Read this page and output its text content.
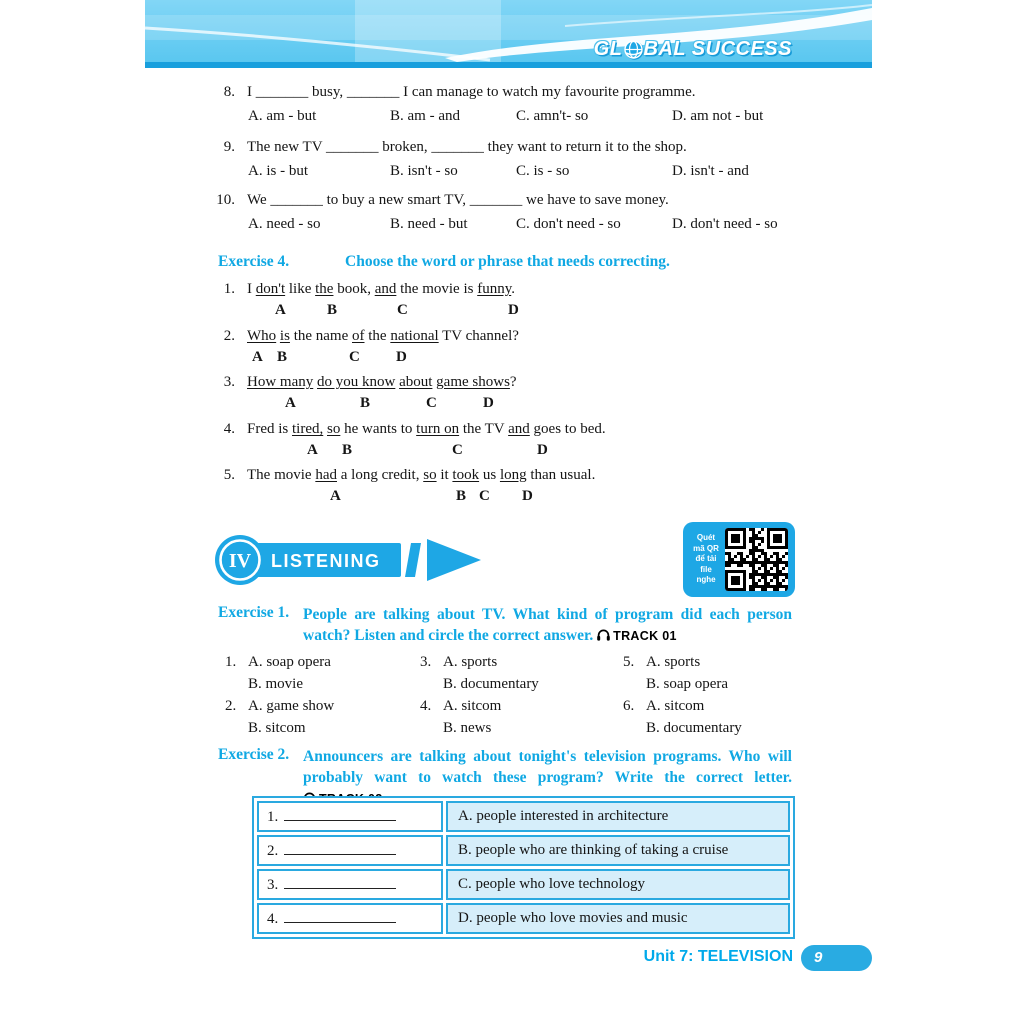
GL BAL SUCCESS
8. I _______ busy, _______ I can manage to watch my favourite programme.
A. am - but	B. am - and	C. amn't- so	D. am not - but
9. The new TV _______ broken, _______ they want to return it to the shop.
A. is - but	B. isn't - so	C. is - so	D. isn't - and
10. We _______ to buy a new smart TV, _______ we have to save money.
A. need - so	B. need - but	C. don't need - so	D. don't need - so
Exercise 4.	Choose the word or phrase that needs correcting.
1. I don't like the book, and the movie is funny.
A	B	C	D
2. Who is the name of the national TV channel?
A B	C D
3. How many do you know about game shows?
A	B	C	D
4. Fred is tired, so he wants to turn on the TV and goes to bed.
A B	C	D
5. The movie had a long credit, so it took us long than usual.
A	B C D
IV LISTENING
Quét
mã QR
để tải
file
nghe
Exercise 1. People are talking about TV. What kind of program did each person watch? Listen and circle the correct answer. TRACK 01
1. A. soap opera
B. movie
2. A. game show
B. sitcom
3. A. sports
B. documentary
4. A. sitcom
B. news
5. A. sports
B. soap opera
6. A. sitcom
B. documentary
Exercise 2. Announcers are talking about tonight's television programs. Who will probably want to watch these program? Write the correct letter.
1.	A. people interested in architecture
2.	B. people who are thinking of taking a cruise
3.	C. people who love technology
4.	D. people who love movies and music
Unit 7: TELEVISION	9
